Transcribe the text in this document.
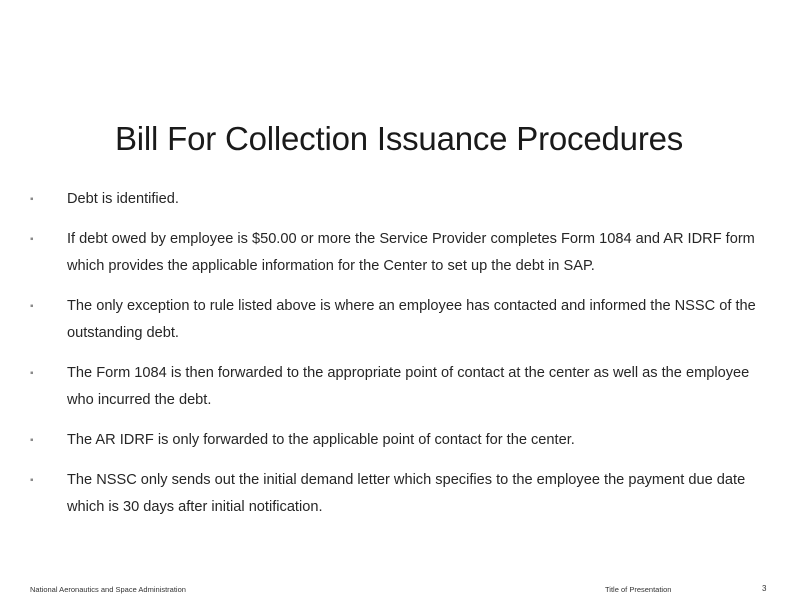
Bill For Collection Issuance Procedures
▪ Debt is identified.
▪ If debt owed by employee is $50.00 or more the Service Provider completes Form 1084 and AR IDRF form which provides the applicable information for the Center to set up the debt in SAP.
▪ The only exception to rule listed above is where an employee has contacted and informed the NSSC of the outstanding debt.
▪ The Form 1084 is then forwarded to the appropriate point of contact at the center as well as the employee who incurred the debt.
▪ The AR IDRF is only forwarded to the applicable point of contact for the center.
▪ The NSSC only sends out the initial demand letter which specifies to the employee the payment due date which is 30 days after initial notification.
National Aeronautics and Space Administration	Title of Presentation	3
